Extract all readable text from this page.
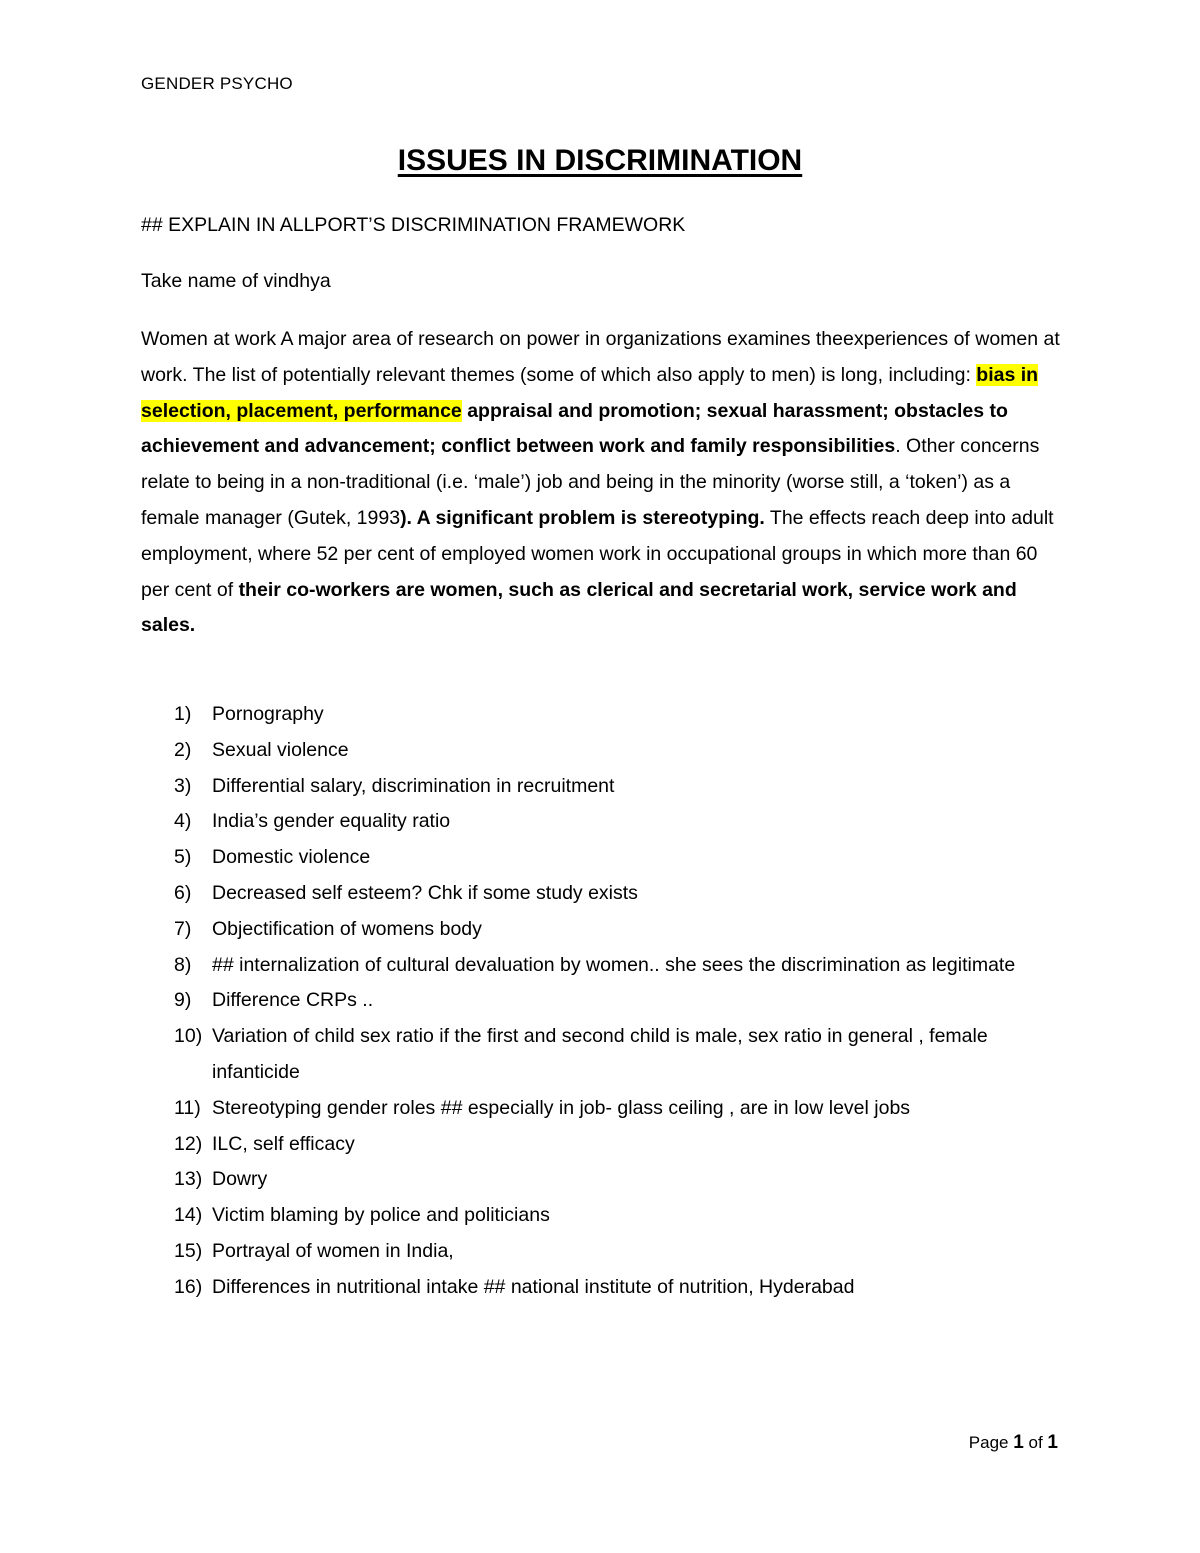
GENDER PSYCHO
ISSUES IN DISCRIMINATION
## EXPLAIN IN ALLPORT’S DISCRIMINATION FRAMEWORK
Take name of vindhya
Women at work A major area of research on power in organizations examines theexperiences of women at work. The list of potentially relevant themes (some of which also apply to men) is long, including: bias in selection, placement, performance appraisal and promotion; sexual harassment; obstacles to achievement and advancement; conflict between work and family responsibilities. Other concerns relate to being in a non-traditional (i.e. ‘male’) job and being in the minority (worse still, a ‘token’) as a female manager (Gutek, 1993). A significant problem is stereotyping. The effects reach deep into adult employment, where 52 per cent of employed women work in occupational groups in which more than 60 per cent of their co-workers are women, such as clerical and secretarial work, service work and sales.
1)	Pornography
2)	Sexual violence
3)	Differential salary, discrimination in recruitment
4)	India’s gender equality ratio
5)	Domestic violence
6)	Decreased self esteem? Chk if some study exists
7)	Objectification of womens body
8)	## internalization of cultural devaluation by women.. she sees the discrimination as legitimate
9)	Difference CRPs ..
10) Variation of child sex ratio if the first and second child is male, sex ratio in general , female infanticide
11) Stereotyping gender roles ## especially in job- glass ceiling , are in low level jobs
12) ILC, self efficacy
13) Dowry
14) Victim blaming by police and politicians
15) Portrayal of women in India,
16) Differences in nutritional intake ## national institute of nutrition, Hyderabad
Page 1 of 1
